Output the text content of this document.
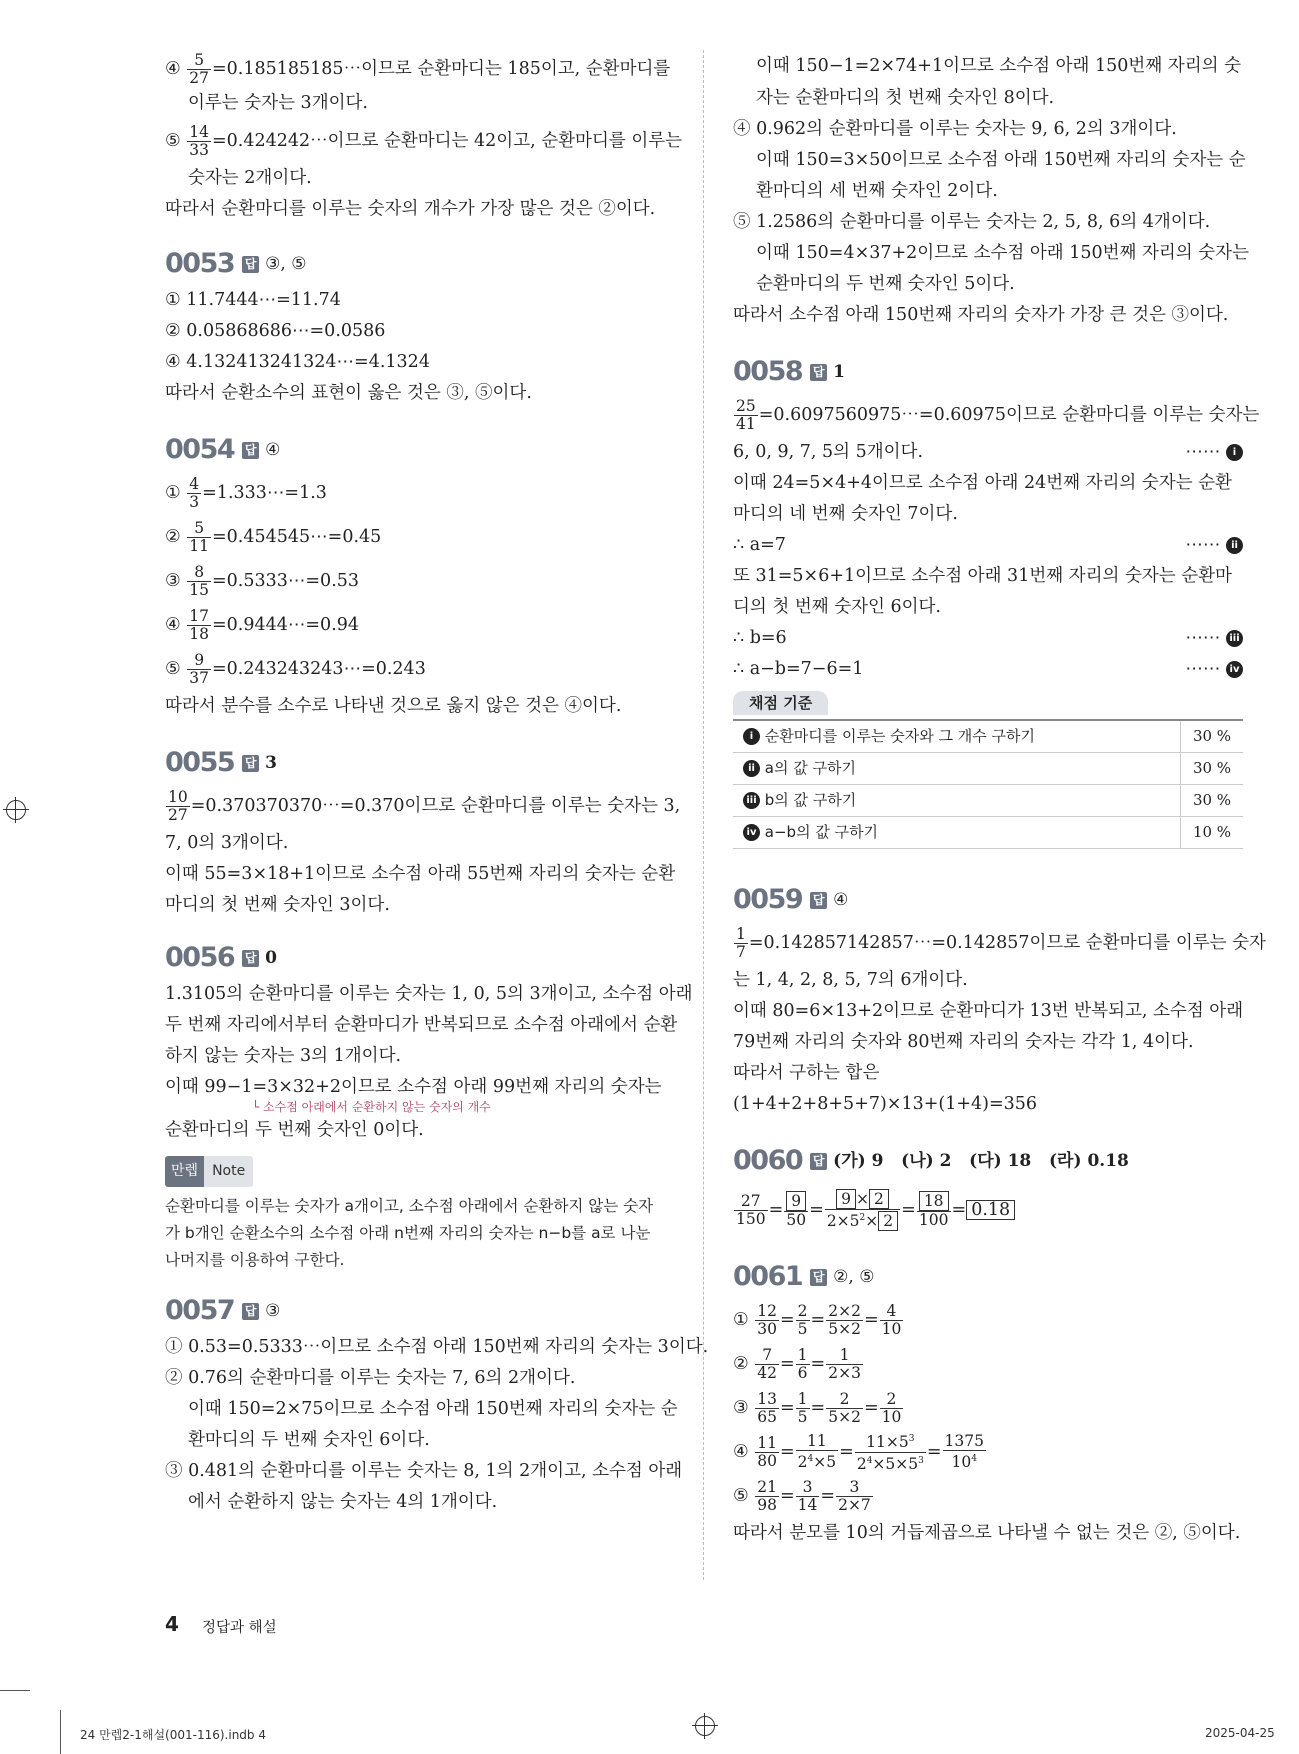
④ $\frac{5}{27}$ =0.185185185⋯이므로 순환마디는 185이고, 순환마디를
이루는 숫자는 3개이다.
⑤ $\frac{14}{33}$ =0.424242⋯이므로 순환마디는 42이고, 순환마디를 이루는
숫자는 2개이다.
따라서 순환마디를 이루는 숫자의 개수가 가장 많은 것은 ②이다.
0053 답 ③, ⑤
① 11.7444⋯=11.74
② 0.05868686⋯=0.0586
④ 4.132413241324⋯=4.1324
따라서 순환소수의 표현이 옳은 것은 ③, ⑤이다.
0054 답 ④
① $\frac{4}{3}$ =1.333⋯=1.3
② $\frac{5}{11}$ =0.454545⋯=0.45
③ $\frac{8}{15}$ =0.5333⋯=0.53
④ $\frac{17}{18}$ =0.9444⋯=0.94
⑤ $\frac{9}{37}$ =0.243243243⋯=0.243
따라서 분수를 소수로 나타낸 것으로 옳지 않은 것은 ④이다.
0055 답 3
$\frac{10}{27}$ =0.370370370⋯=0.370이므로 순환마디를 이루는 숫자는 3,
7, 0의 3개이다.
이때 55=3×18+1이므로 소수점 아래 55번째 자리의 숫자는 순환
마디의 첫 번째 숫자인 3이다.
0056 답 0
1.3105의 순환마디를 이루는 숫자는 1, 0, 5의 3개이고, 소수점 아래
두 번째 자리에서부터 순환마디가 반복되므로 소수점 아래에서 순환
하지 않는 숫자는 3의 1개이다.
이때 99−1=3×32+2이므로 소수점 아래 99번째 자리의 숫자는
└ 소수점 아래에서 순환하지 않는 숫자의 개수
순환마디의 두 번째 숫자인 0이다.
만렙	Note
순환마디를 이루는 숫자가 a개이고, 소수점 아래에서 순환하지 않는 숫자
가 b개인 순환소수의 소수점 아래 n번째 자리의 숫자는 n−b를 a로 나눈
나머지를 이용하여 구한다.
0057 답 ③
① 0.53=0.5333⋯이므로 소수점 아래 150번째 자리의 숫자는 3이다.
② 0.76의 순환마디를 이루는 숫자는 7, 6의 2개이다.
이때 150=2×75이므로 소수점 아래 150번째 자리의 숫자는 순
환마디의 두 번째 숫자인 6이다.
③ 0.481의 순환마디를 이루는 숫자는 8, 1의 2개이고, 소수점 아래
에서 순환하지 않는 숫자는 4의 1개이다.
이때 150−1=2×74+1이므로 소수점 아래 150번째 자리의 숫
자는 순환마디의 첫 번째 숫자인 8이다.
④ 0.962의 순환마디를 이루는 숫자는 9, 6, 2의 3개이다.
이때 150=3×50이므로 소수점 아래 150번째 자리의 숫자는 순
환마디의 세 번째 숫자인 2이다.
⑤ 1.2586의 순환마디를 이루는 숫자는 2, 5, 8, 6의 4개이다.
이때 150=4×37+2이므로 소수점 아래 150번째 자리의 숫자는
순환마디의 두 번째 숫자인 5이다.
따라서 소수점 아래 150번째 자리의 숫자가 가장 큰 것은 ③이다.
0058 답 1
$\frac{25}{41}$ =0.6097560975⋯=0.60975이므로 순환마디를 이루는 숫자는
6, 0, 9, 7, 5의 5개이다.	⋯⋯ i
이때 24=5×4+4이므로 소수점 아래 24번째 자리의 숫자는 순환
마디의 네 번째 숫자인 7이다.
∴ a=7	⋯⋯ ii
또 31=5×6+1이므로 소수점 아래 31번째 자리의 숫자는 순환마
디의 첫 번째 숫자인 6이다.
∴ b=6	⋯⋯ iii
∴ a−b=7−6=1	⋯⋯ iv
채점 기준
i 순환마디를 이루는 숫자와 그 개수 구하기	30 %
ii a의 값 구하기	30 %
iii b의 값 구하기	30 %
iv a−b의 값 구하기	10 %
0059 답 ④
$\frac{1}{7}$ =0.142857142857⋯=0.142857이므로 순환마디를 이루는 숫자
는 1, 4, 2, 8, 5, 7의 6개이다.
이때 80=6×13+2이므로 순환마디가 13번 반복되고, 소수점 아래
79번째 자리의 숫자와 80번째 자리의 숫자는 각각 1, 4이다.
따라서 구하는 합은
(1+4+2+8+5+7)×13+(1+4)=356
0060 답 (가) 9   (나) 2   (다) 18   (라) 0.18
$\frac{27}{150} = \frac{9}{50} = \frac{9 \times 2}{2\times 5^2\times 2} = \frac{18}{100} = 0.18$
0061 답 ②, ⑤
① $\frac{12}{30} = \frac{2}{5} = \frac{2\times 2}{5\times 2} = \frac{4}{10}$
② $\frac{7}{42} = \frac{1}{6} = \frac{1}{2\times 3}$
③ $\frac{13}{65} = \frac{1}{5} = \frac{2}{5\times 2} = \frac{2}{10}$
④ $\frac{11}{80} = \frac{11}{2^4\times 5} = \frac{11\times 5^3}{2^4\times 5\times 5^3} = \frac{1375}{10^4}$
⑤ $\frac{21}{98} = \frac{3}{14} = \frac{3}{2\times 7}$
따라서 분모를 10의 거듭제곱으로 나타낼 수 없는 것은 ②, ⑤이다.
4 정답과 해설
24 만렙2-1해설(001-116).indb 4	2025-04-25
